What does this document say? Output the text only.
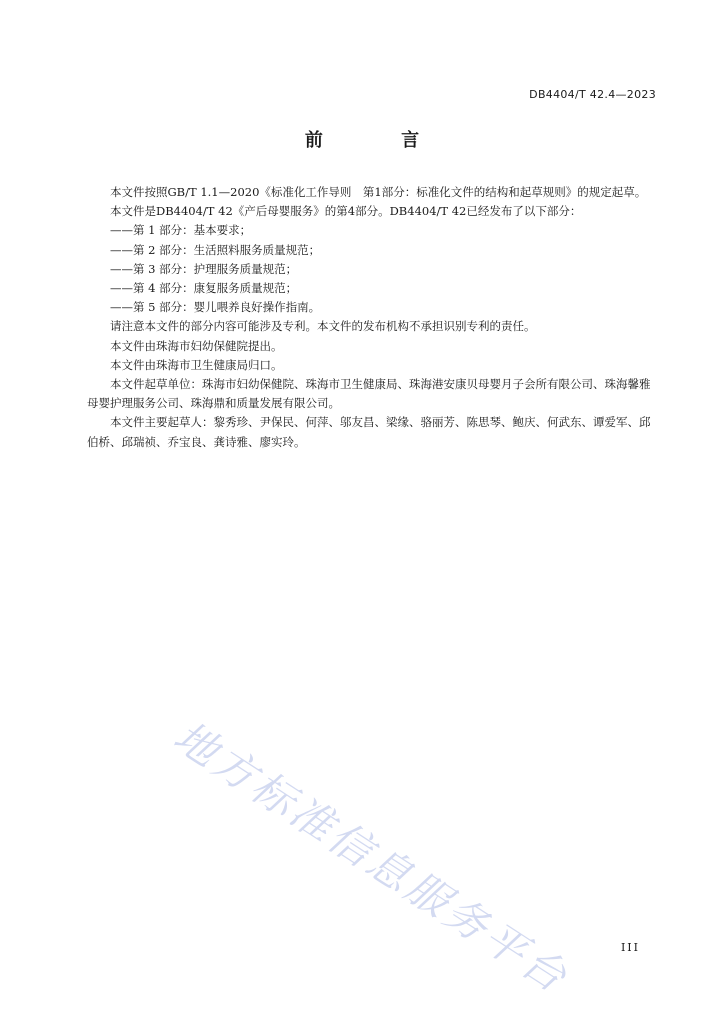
DB4404/T 42.4—2023
前 言

本文件按照GB/T 1.1—2020《标准化工作导则　第1部分：标准化文件的结构和起草规则》的规定起草。

本文件是DB4404/T 42《产后母婴服务》的第4部分。DB4404/T 42已经发布了以下部分：

——第 1 部分：基本要求；

——第 2 部分：生活照料服务质量规范；

——第 3 部分：护理服务质量规范；

——第 4 部分：康复服务质量规范；

——第 5 部分：婴儿喂养良好操作指南。

请注意本文件的部分内容可能涉及专利。本文件的发布机构不承担识别专利的责任。

本文件由珠海市妇幼保健院提出。

本文件由珠海市卫生健康局归口。

本文件起草单位：珠海市妇幼保健院、珠海市卫生健康局、珠海港安康贝母婴月子会所有限公司、珠海馨雅母婴护理服务公司、珠海鼎和质量发展有限公司。

本文件主要起草人：黎秀珍、尹保民、何萍、邬友昌、梁缘、骆丽芳、陈思琴、鲍庆、何武东、谭爱军、邱伯桥、邱瑞祯、乔宝良、龚诗雅、廖实玲。

地方标准信息服务平台	III
